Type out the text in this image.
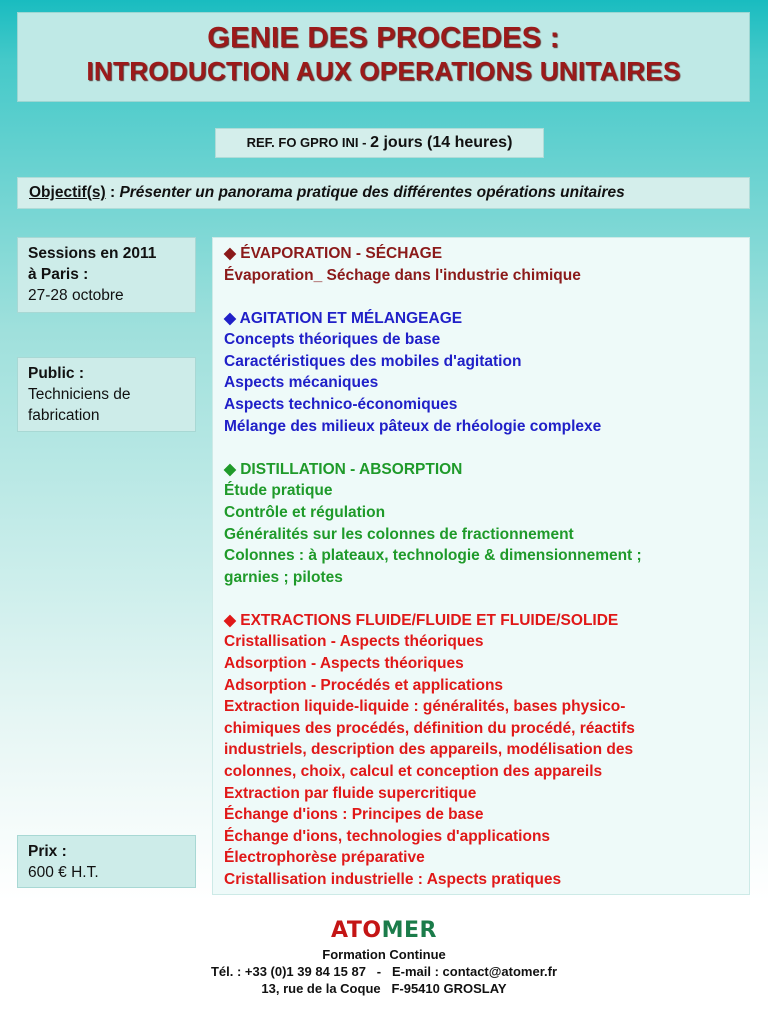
GENIE DES PROCEDES :
INTRODUCTION AUX OPERATIONS UNITAIRES
REF. FO GPRO INI - 2 jours (14 heures)
Objectif(s) : Présenter un panorama pratique des différentes opérations unitaires
Sessions en 2011
à Paris :
27-28 octobre
Public :
Techniciens de
fabrication
Prix :
600 € H.T.
◆ ÉVAPORATION - SÉCHAGE
Évaporation_ Séchage dans l'industrie chimique
◆ AGITATION ET MÉLANGEAGE
Concepts théoriques de base
Caractéristiques des mobiles d'agitation
Aspects mécaniques
Aspects technico-économiques
Mélange des milieux pâteux de rhéologie complexe
◆ DISTILLATION - ABSORPTION
Étude pratique
Contrôle et régulation
Généralités sur les colonnes de fractionnement
Colonnes : à plateaux, technologie & dimensionnement ;
garnies ; pilotes
◆ EXTRACTIONS FLUIDE/FLUIDE ET FLUIDE/SOLIDE
Cristallisation - Aspects théoriques
Adsorption - Aspects théoriques
Adsorption - Procédés et applications
Extraction liquide-liquide : généralités, bases physico-
chimiques des procédés, définition du procédé, réactifs
industriels, description des appareils, modélisation des
colonnes, choix, calcul et conception des appareils
Extraction par fluide supercritique
Échange d'ions : Principes de base
Échange d'ions, technologies d'applications
Électrophorèse préparative
Cristallisation industrielle : Aspects pratiques
ATOMER
Formation Continue
Tél. : +33 (0)1 39 84 15 87   -   E-mail : contact@atomer.fr
13, rue de la Coque   F-95410 GROSLAY
